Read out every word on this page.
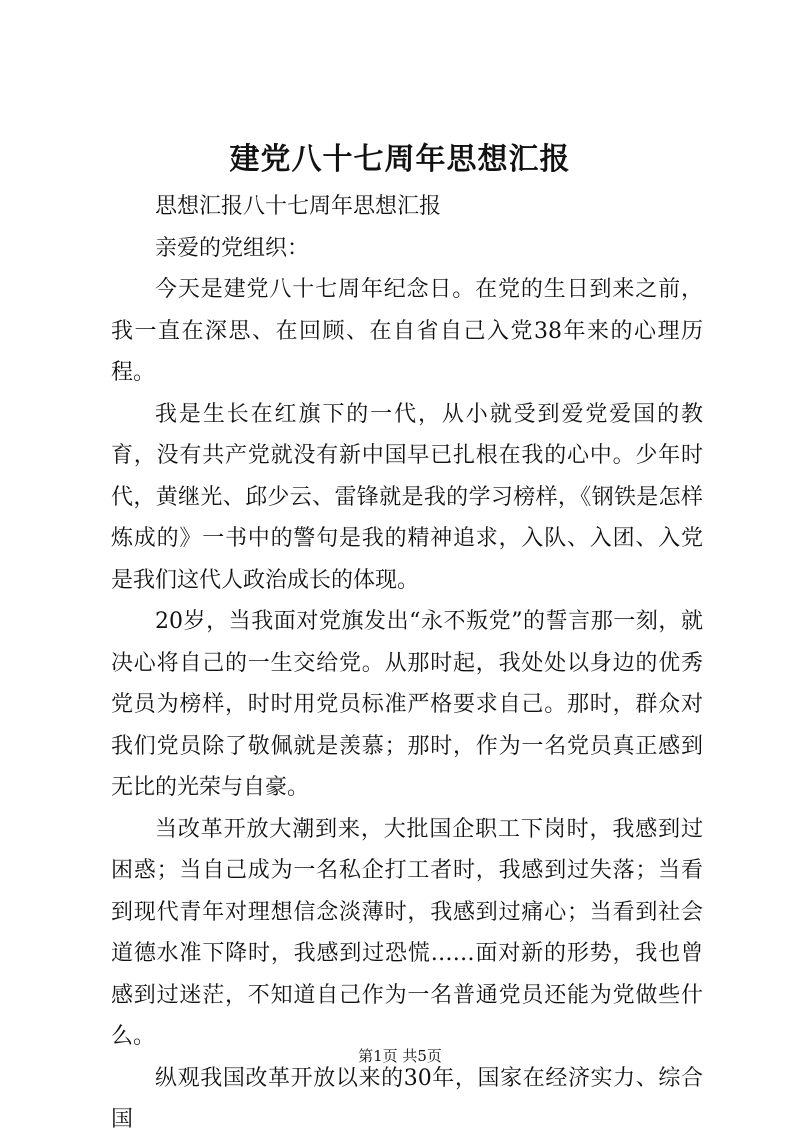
建党八十七周年思想汇报

思想汇报八十七周年思想汇报

亲爱的党组织：

今天是建党八十七周年纪念日。在党的生日到来之前，我一直在深思、在回顾、在自省自己入党38年来的心理历程。

我是生长在红旗下的一代，从小就受到爱党爱国的教育，没有共产党就没有新中国早已扎根在我的心中。少年时代，黄继光、邱少云、雷锋就是我的学习榜样，《钢铁是怎样炼成的》一书中的警句是我的精神追求，入队、入团、入党是我们这代人政治成长的体现。

20岁，当我面对党旗发出“永不叛党”的誓言那一刻，就决心将自己的一生交给党。从那时起，我处处以身边的优秀党员为榜样，时时用党员标准严格要求自己。那时，群众对我们党员除了敬佩就是羡慕；那时，作为一名党员真正感到无比的光荣与自豪。

当改革开放大潮到来，大批国企职工下岗时，我感到过困惑；当自己成为一名私企打工者时，我感到过失落；当看到现代青年对理想信念淡薄时，我感到过痛心；当看到社会道德水准下降时，我感到过恐慌……面对新的形势，我也曾感到过迷茫，不知道自己作为一名普通党员还能为党做些什么。

纵观我国改革开放以来的30年，国家在经济实力、综合国

第1页 共5页
